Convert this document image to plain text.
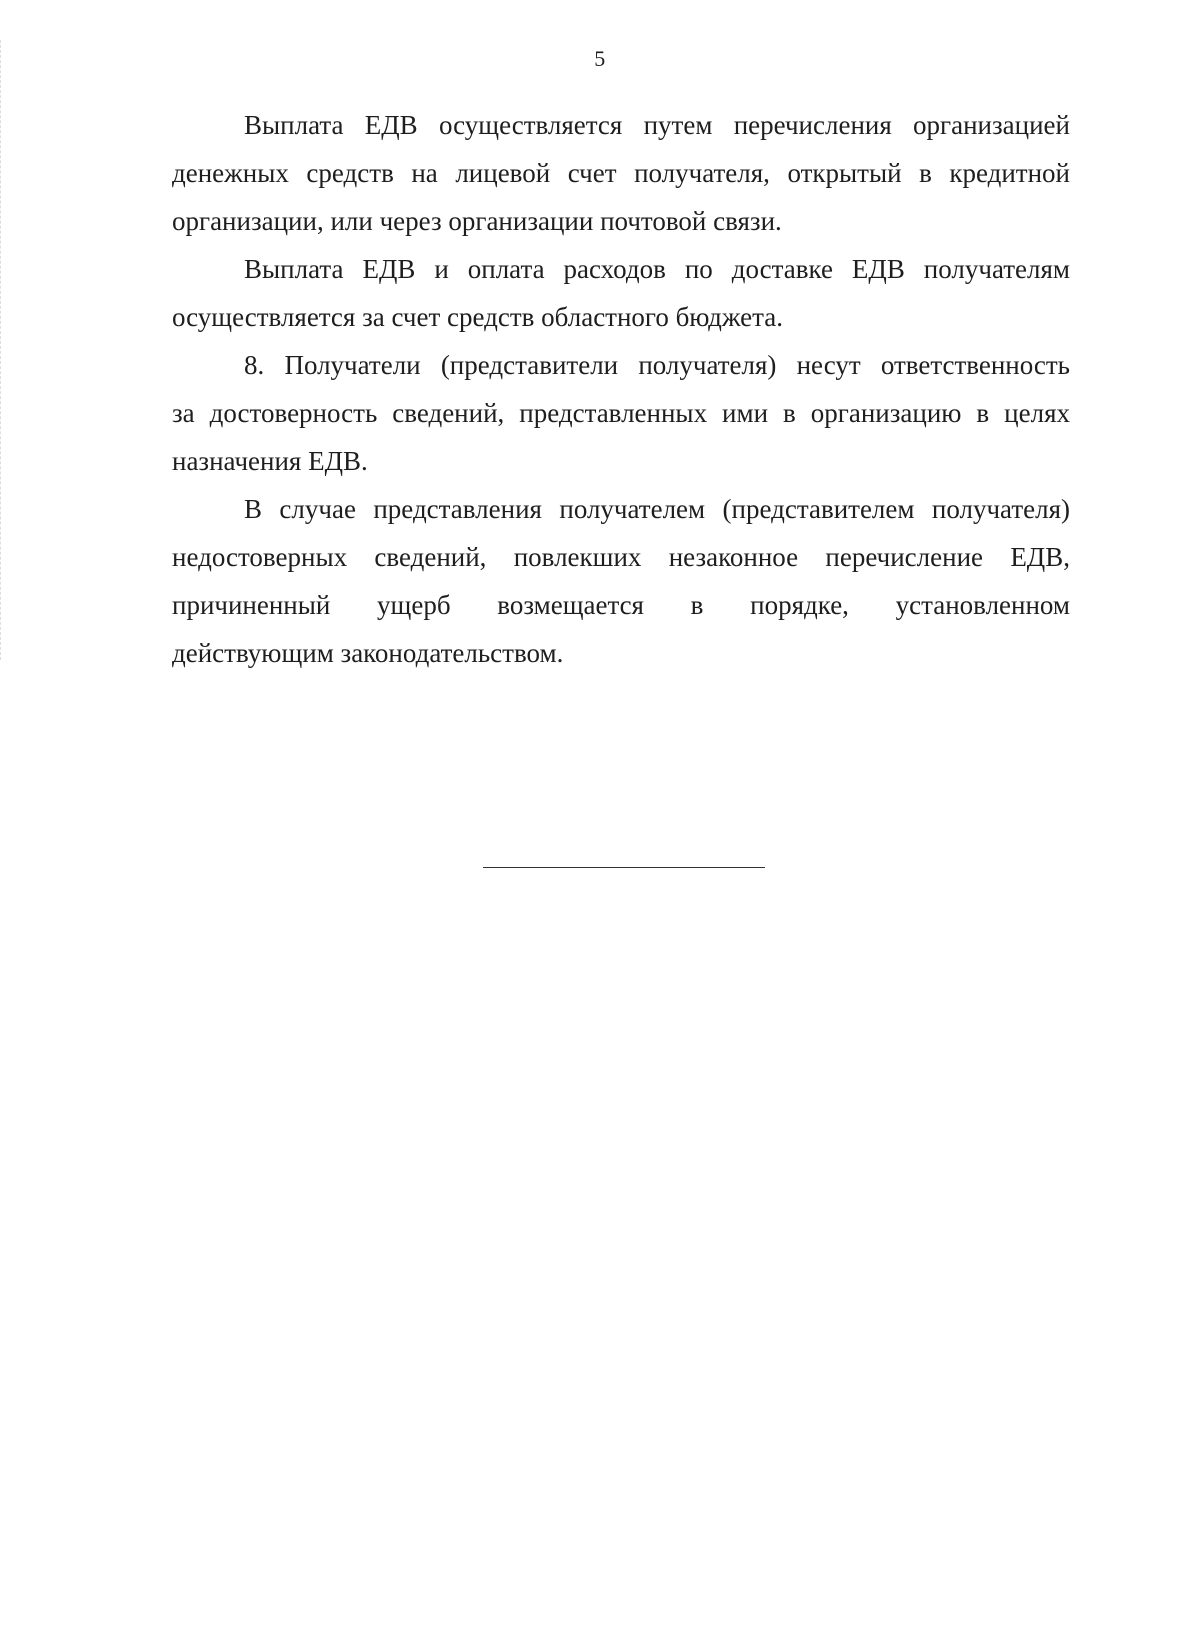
5
Выплата ЕДВ осуществляется путем перечисления организацией
денежных средств на лицевой счет получателя, открытый в кредитной
организации, или через организации почтовой связи.
Выплата ЕДВ и оплата расходов по доставке ЕДВ получателям
осуществляется за счет средств областного бюджета.
8. Получатели (представители получателя) несут ответственность
за достоверность сведений, представленных ими в организацию в целях
назначения ЕДВ.
В случае представления получателем (представителем получателя)
недостоверных сведений, повлекших незаконное перечисление ЕДВ,
причиненный ущерб возмещается в порядке, установленном
действующим законодательством.
